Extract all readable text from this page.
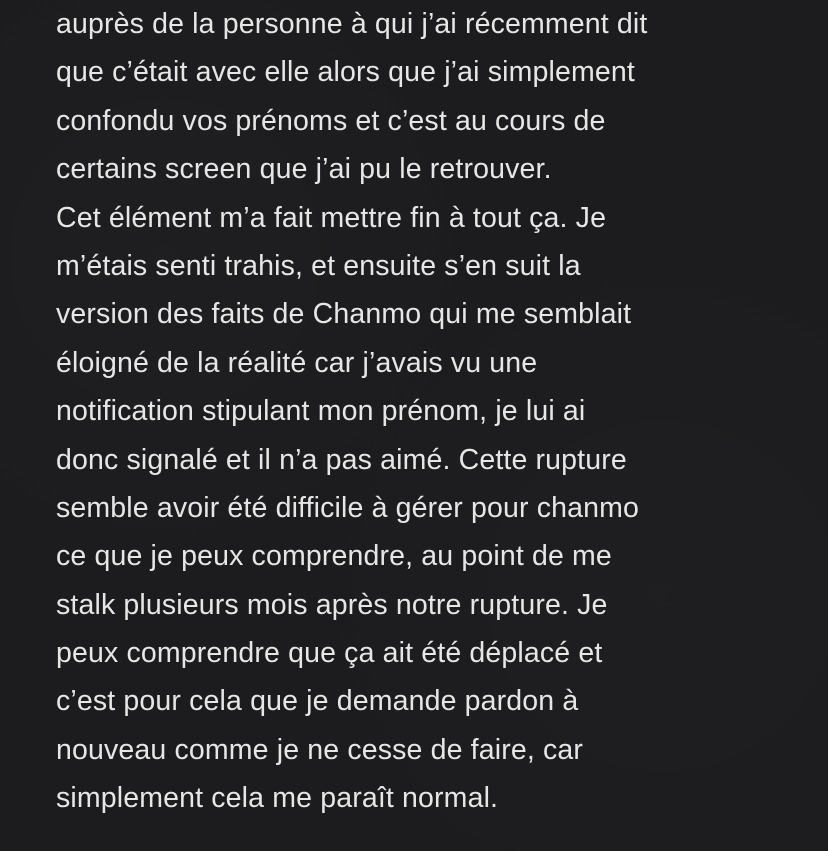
auprès de la personne à qui j’ai récemment dit
que c’était avec elle alors que j’ai simplement
confondu vos prénoms et c’est au cours de
certains screen que j’ai pu le retrouver.
Cet élément m’a fait mettre fin à tout ça. Je
m’étais senti trahis, et ensuite s’en suit la
version des faits de Chanmo qui me semblait
éloigné de la réalité car j’avais vu une
notification stipulant mon prénom, je lui ai
donc signalé et il n’a pas aimé. Cette rupture
semble avoir été difficile à gérer pour chanmo
ce que je peux comprendre, au point de me
stalk plusieurs mois après notre rupture. Je
peux comprendre que ça ait été déplacé et
c’est pour cela que je demande pardon à
nouveau comme je ne cesse de faire, car
simplement cela me paraît normal.
